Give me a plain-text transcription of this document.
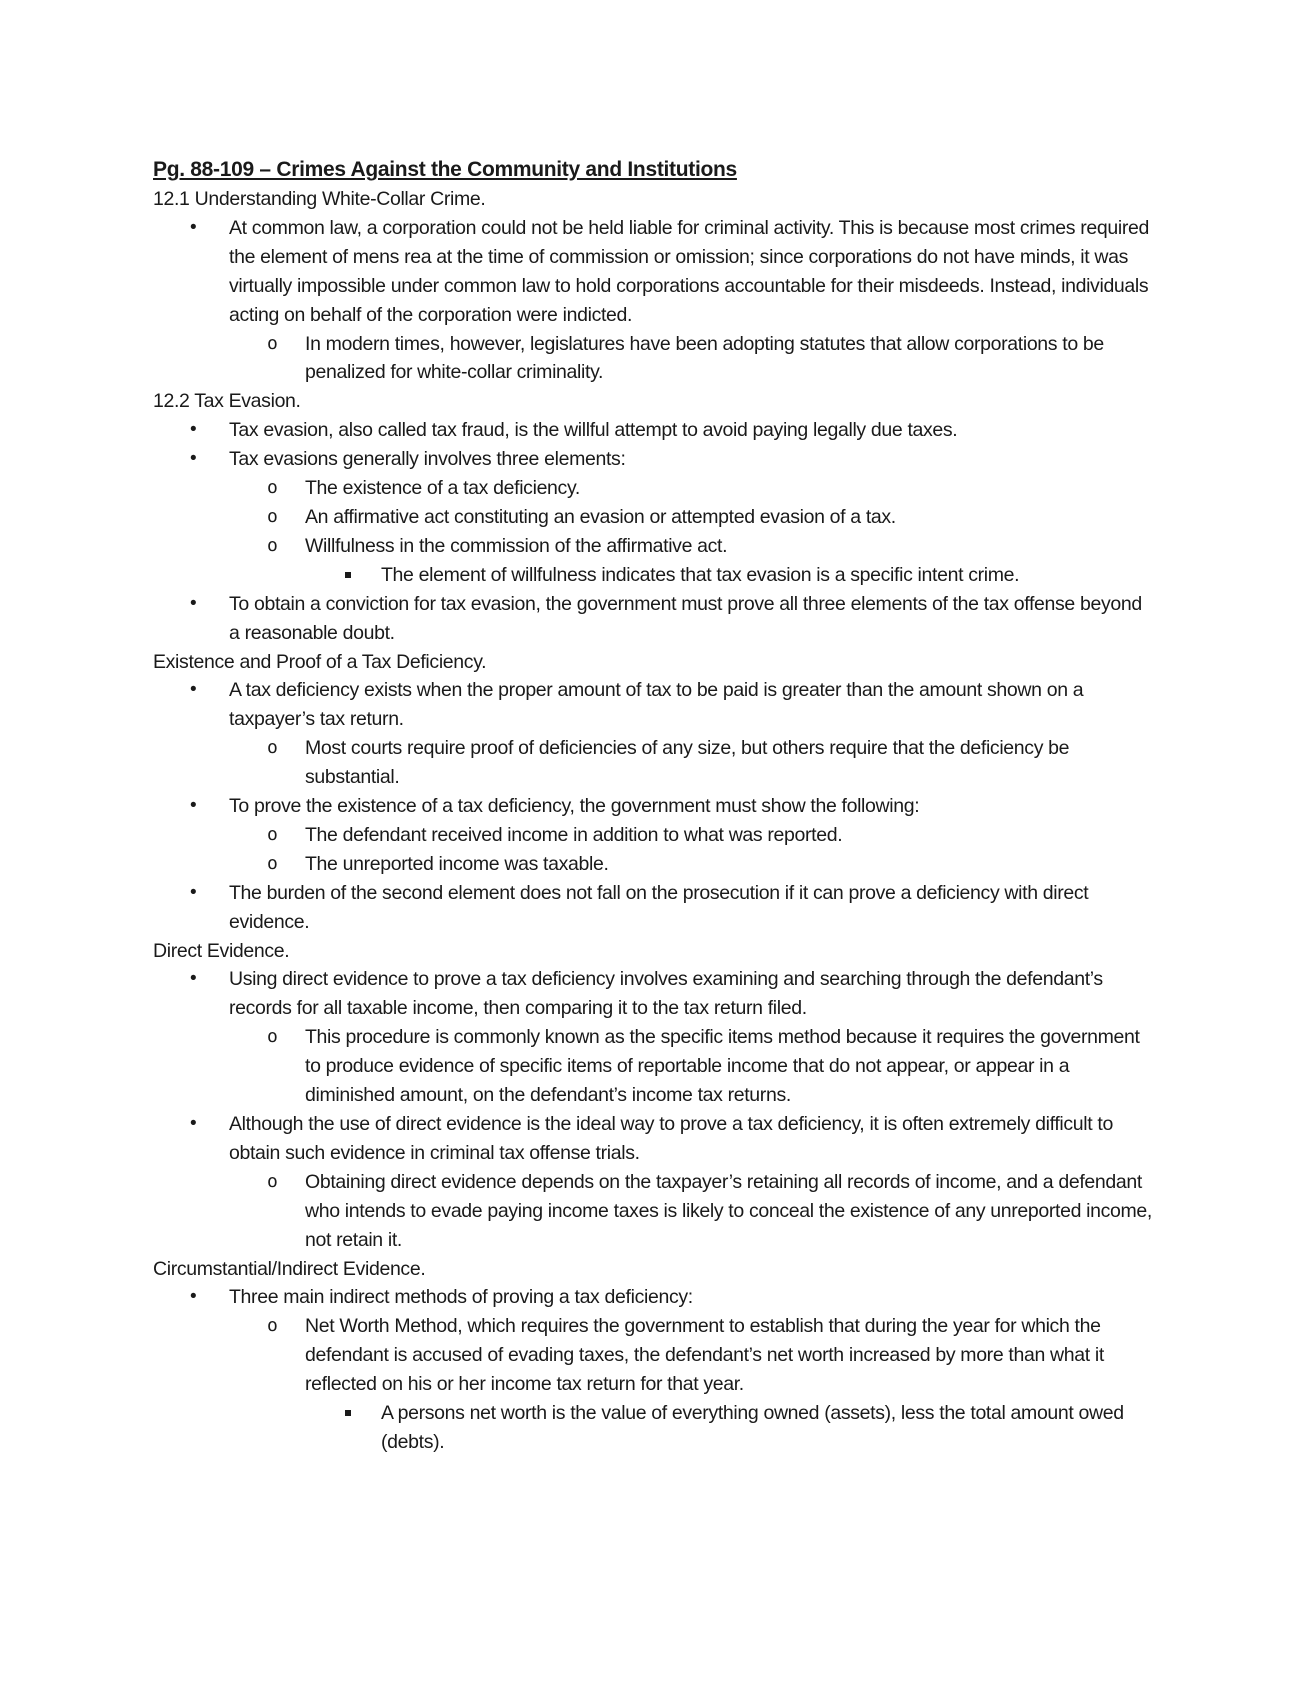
Pg. 88-109 – Crimes Against the Community and Institutions
12.1 Understanding White-Collar Crime.
• At common law, a corporation could not be held liable for criminal activity. This is because most crimes required the element of mens rea at the time of commission or omission; since corporations do not have minds, it was virtually impossible under common law to hold corporations accountable for their misdeeds. Instead, individuals acting on behalf of the corporation were indicted.
o In modern times, however, legislatures have been adopting statutes that allow corporations to be penalized for white-collar criminality.
12.2 Tax Evasion.
• Tax evasion, also called tax fraud, is the willful attempt to avoid paying legally due taxes.
• Tax evasions generally involves three elements:
o The existence of a tax deficiency.
o An affirmative act constituting an evasion or attempted evasion of a tax.
o Willfulness in the commission of the affirmative act.
The element of willfulness indicates that tax evasion is a specific intent crime.
• To obtain a conviction for tax evasion, the government must prove all three elements of the tax offense beyond a reasonable doubt.
Existence and Proof of a Tax Deficiency.
• A tax deficiency exists when the proper amount of tax to be paid is greater than the amount shown on a taxpayer’s tax return.
o Most courts require proof of deficiencies of any size, but others require that the deficiency be substantial.
• To prove the existence of a tax deficiency, the government must show the following:
o The defendant received income in addition to what was reported.
o The unreported income was taxable.
• The burden of the second element does not fall on the prosecution if it can prove a deficiency with direct evidence.
Direct Evidence.
• Using direct evidence to prove a tax deficiency involves examining and searching through the defendant’s records for all taxable income, then comparing it to the tax return filed.
o This procedure is commonly known as the specific items method because it requires the government to produce evidence of specific items of reportable income that do not appear, or appear in a diminished amount, on the defendant’s income tax returns.
• Although the use of direct evidence is the ideal way to prove a tax deficiency, it is often extremely difficult to obtain such evidence in criminal tax offense trials.
o Obtaining direct evidence depends on the taxpayer’s retaining all records of income, and a defendant who intends to evade paying income taxes is likely to conceal the existence of any unreported income, not retain it.
Circumstantial/Indirect Evidence.
• Three main indirect methods of proving a tax deficiency:
o Net Worth Method, which requires the government to establish that during the year for which the defendant is accused of evading taxes, the defendant’s net worth increased by more than what it reflected on his or her income tax return for that year.
A persons net worth is the value of everything owned (assets), less the total amount owed (debts).
